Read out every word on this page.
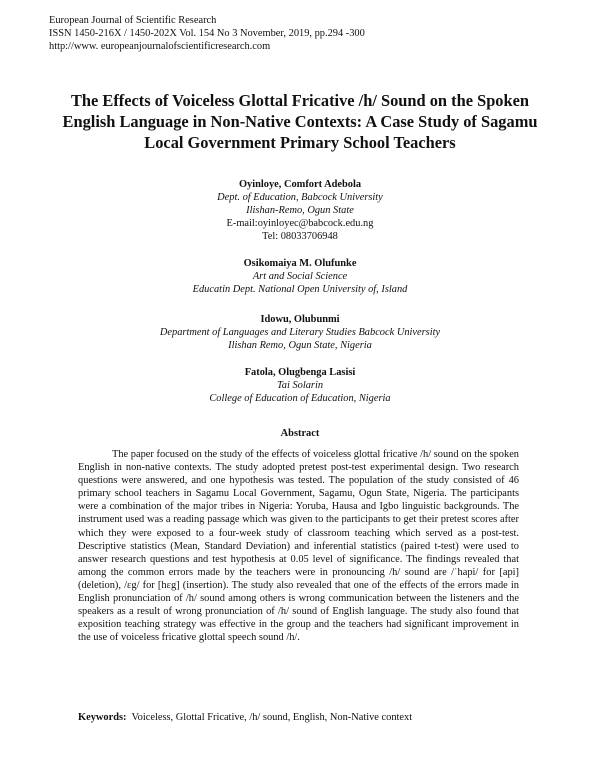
European Journal of Scientific Research
ISSN 1450-216X / 1450-202X Vol. 154 No 3 November, 2019, pp.294 -300
http://www. europeanjournalofscientificresearch.com
The Effects of Voiceless Glottal Fricative /h/ Sound on the Spoken English Language in Non-Native Contexts: A Case Study of Sagamu Local Government Primary School Teachers
Oyinloye, Comfort Adebola
Dept. of Education, Babcock University
Ilishan-Remo, Ogun State
E-mail:oyinloyec@babcock.edu.ng
Tel: 08033706948
Osikomaiya M. Olufunke
Art and Social Science
Educatin Dept. National Open University of, Island
Idowu, Olubunmi
Department of Languages and Literary Studies Babcock University
Ilishan Remo, Ogun State, Nigeria
Fatola, Olugbenga Lasisi
Tai Solarin
College of Education of Education, Nigeria
Abstract
The paper focused on the study of the effects of voiceless glottal fricative /h/ sound on the spoken English in non-native contexts. The study adopted pretest post-test experimental design. Two research questions were answered, and one hypothesis was tested. The population of the study consisted of 46 primary school teachers in Sagamu Local Government, Sagamu, Ogun State, Nigeria. The participants were a combination of the major tribes in Nigeria: Yoruba, Hausa and Igbo linguistic backgrounds. The instrument used was a reading passage which was given to the participants to get their pretest scores after which they were exposed to a four-week study of classroom teaching which served as a post-test. Descriptive statistics (Mean, Standard Deviation) and inferential statistics (paired t-test) were used to answer research questions and test hypothesis at 0.05 level of significance. The findings revealed that among the common errors made by the teachers were in pronouncing /h/ sound are /ˈhapi/ for [api] (deletion), /ɛg/ for [hɛg] (insertion). The study also revealed that one of the effects of the errors made in English pronunciation of /h/ sound among others is wrong communication between the listeners and the speakers as a result of wrong pronunciation of /h/ sound of English language. The study also found that exposition teaching strategy was effective in the group and the teachers had significant improvement in the use of voiceless fricative glottal speech sound /h/.
Keywords: Voiceless, Glottal Fricative, /h/ sound, English, Non-Native context
